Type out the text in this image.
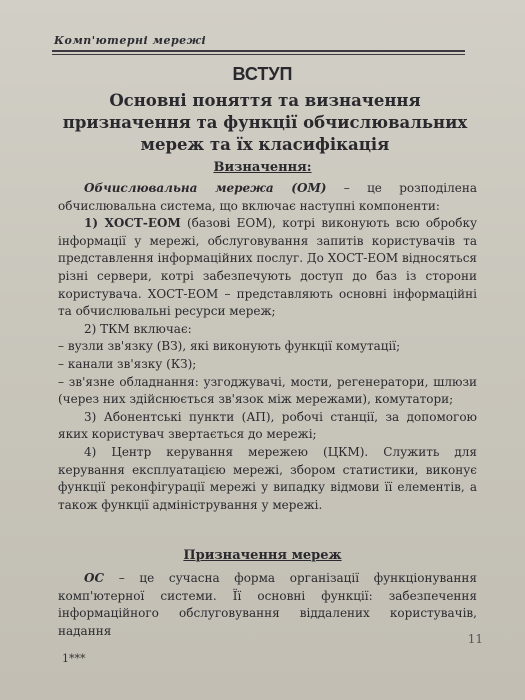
Комп'ютерні мережі
ВСТУП
Основні поняття та визначення призначення та функції обчислювальних мереж та їх класифікація
Визначення:

Обчислювальна мережа (ОМ) – це розподілена обчислювальна система, що включає наступні компоненти:

1) ХОСТ-ЕОМ (базові ЕОМ), котрі виконують всю обробку інформації у мережі, обслуговування запитів користувачів та представлення інформаційних послуг. До ХОСТ-ЕОМ відносяться різні сервери, котрі забезпечують доступ до баз із сторони користувача. ХОСТ-ЕОМ – представляють основні інформаційні та обчислювальні ресурси мереж;

2) ТКМ включає:

– вузли зв'язку (ВЗ), які виконують функції комутації;

– канали зв'язку (КЗ);

– зв'язне обладнання: узгоджувачі, мости, регенератори, шлюзи (через них здійснюється зв'язок між мережами), комутатори;

3) Абонентські пункти (АП), робочі станції, за допомогою яких користувач звертається до мережі;

4) Центр керування мережею (ЦКМ). Служить для керування експлуатацією мережі, збором статистики, виконує функції реконфігурації мережі у випадку відмови її елементів, а також функції адміністрування у мережі.

Призначення мереж

ОС – це сучасна форма організації функціонування комп'ютерної системи. Її основні функції: забезпечення інформаційного обслуговування віддалених користувачів, надання

11
1***
